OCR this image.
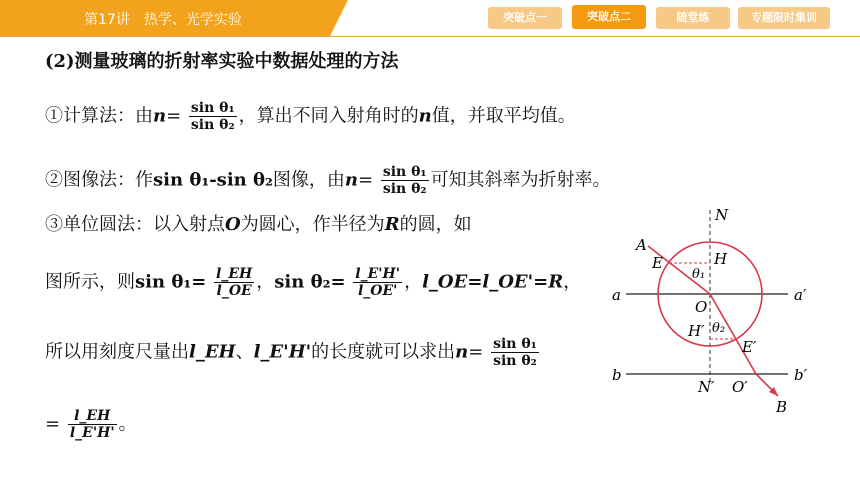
第17讲 热学、光学实验	突破点一	突破点二	随堂练	专题限时集训
(2)测量玻璃的折射率实验中数据处理的方法
①计算法：由$n= \frac{\text{sin θ₁}}{\text{sin θ₂}}$ ，算出不同入射角时的n值，并取平均值。
②图像法：作sin θ₁-sin θ₂图像，由$n= \frac{\text{sin θ₁}}{\text{sin θ₂}}$ 可知其斜率为折射率。
③单位圆法：以入射点O为圆心，作半径为R的圆，如
图所示，则$\sin \theta_1= \frac{l\_EH}{l\_OE}$ ，$\sin \theta_2= \frac{l\_E'H'}{l\_OE'}$ ，l_OE=l_OE'=R，
所以用刻度尺量出l_EH、l_E'H'的长度就可以求出$n= \frac{\text{sin θ₁}}{\text{sin θ₂}}$
= $\frac{l\_EH}{l\_E'H'}$ 。
N
A
E
θ₁
H
a	a′
O
H′ θ₂
E′
b	b′
N′ O′
B
